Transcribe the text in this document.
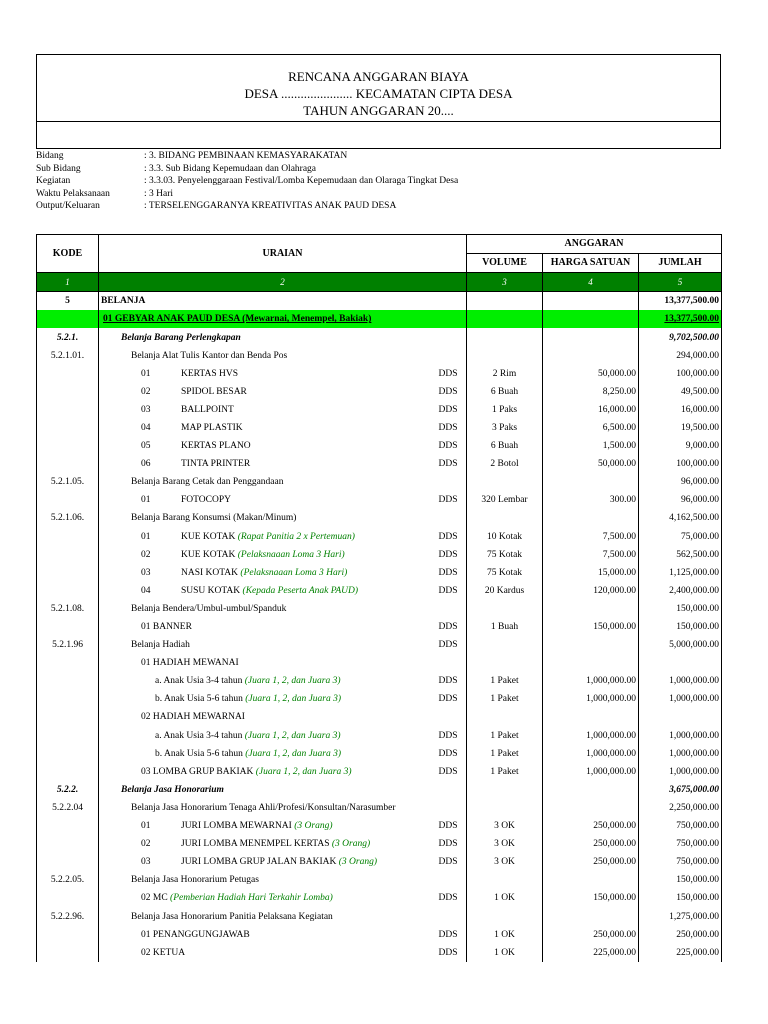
RENCANA ANGGARAN BIAYA
DESA ...................... KECAMATAN CIPTA DESA
TAHUN ANGGARAN 20....
Bidang	: 3. BIDANG PEMBINAAN KEMASYARAKATAN
Sub Bidang	: 3.3. Sub Bidang Kepemudaan dan Olahraga
Kegiatan	: 3.3.03. Penyelenggaraan Festival/Lomba Kepemudaan dan Olaraga Tingkat Desa
Waktu Pelaksanaan	: 3 Hari
Output/Keluaran	: TERSELENGGARANYA KREATIVITAS ANAK PAUD DESA
KODE	URAIAN		ANGGARAN		
			VOLUME	HARGA SATUAN	JUMLAH
1	2		3	4	5
5	BELANJA				13,377,500.00
	01 GEBYAR ANAK PAUD DESA (Mewarnai, Menempel, Bakiak)				13,377,500.00
5.2.1.	Belanja Barang Perlengkapan				9,702,500.00
5.2.1.01.	Belanja Alat Tulis Kantor dan Benda Pos				294,000.00
	01 KERTAS HVS	DDS	2 Rim	50,000.00	100,000.00
	02 SPIDOL BESAR	DDS	6 Buah	8,250.00	49,500.00
	03 BALLPOINT	DDS	1 Paks	16,000.00	16,000.00
	04 MAP PLASTIK	DDS	3 Paks	6,500.00	19,500.00
	05 KERTAS PLANO	DDS	6 Buah	1,500.00	9,000.00
	06 TINTA PRINTER	DDS	2 Botol	50,000.00	100,000.00
5.2.1.05.	Belanja Barang Cetak dan Penggandaan				96,000.00
	01 FOTOCOPY	DDS	320 Lembar	300.00	96,000.00
5.2.1.06.	Belanja Barang Konsumsi (Makan/Minum)				4,162,500.00
	01 KUE KOTAK (Rapat Panitia 2 x Pertemuan)	DDS	10 Kotak	7,500.00	75,000.00
	02 KUE KOTAK (Pelaksnaaan Loma 3 Hari)	DDS	75 Kotak	7,500.00	562,500.00
	03 NASI KOTAK (Pelaksnaaan Loma 3 Hari)	DDS	75 Kotak	15,000.00	1,125,000.00
	04 SUSU KOTAK (Kepada Peserta Anak PAUD)	DDS	20 Kardus	120,000.00	2,400,000.00
5.2.1.08.	Belanja Bendera/Umbul-umbul/Spanduk				150,000.00
	01 BANNER	DDS	1 Buah	150,000.00	150,000.00
5.2.1.96	Belanja Hadiah	DDS			5,000,000.00
	01 HADIAH MEWANAI				
	a. Anak Usia 3-4 tahun (Juara 1, 2, dan Juara 3)	DDS	1 Paket	1,000,000.00	1,000,000.00
	b. Anak Usia 5-6 tahun (Juara 1, 2, dan Juara 3)	DDS	1 Paket	1,000,000.00	1,000,000.00
	02 HADIAH MEWARNAI				
	a. Anak Usia 3-4 tahun (Juara 1, 2, dan Juara 3)	DDS	1 Paket	1,000,000.00	1,000,000.00
	b. Anak Usia 5-6 tahun (Juara 1, 2, dan Juara 3)	DDS	1 Paket	1,000,000.00	1,000,000.00
	03 LOMBA GRUP BAKIAK (Juara 1, 2, dan Juara 3)	DDS	1 Paket	1,000,000.00	1,000,000.00
5.2.2.	Belanja Jasa Honorarium				3,675,000.00
5.2.2.04	Belanja Jasa Honorarium Tenaga Ahli/Profesi/Konsultan/Narasumber				2,250,000.00
	01 JURI LOMBA MEWARNAI (3 Orang)	DDS	3 OK	250,000.00	750,000.00
	02 JURI LOMBA MENEMPEL KERTAS (3 Orang)	DDS	3 OK	250,000.00	750,000.00
	03 JURI LOMBA GRUP JALAN BAKIAK (3 Orang)	DDS	3 OK	250,000.00	750,000.00
5.2.2.05.	Belanja Jasa Honorarium Petugas				150,000.00
	02 MC (Pemberian Hadiah Hari Terkahir Lomba)	DDS	1 OK	150,000.00	150,000.00
5.2.2.96.	Belanja Jasa Honorarium Panitia Pelaksana Kegiatan				1,275,000.00
	01 PENANGGUNGJAWAB	DDS	1 OK	250,000.00	250,000.00
	02 KETUA	DDS	1 OK	225,000.00	225,000.00
